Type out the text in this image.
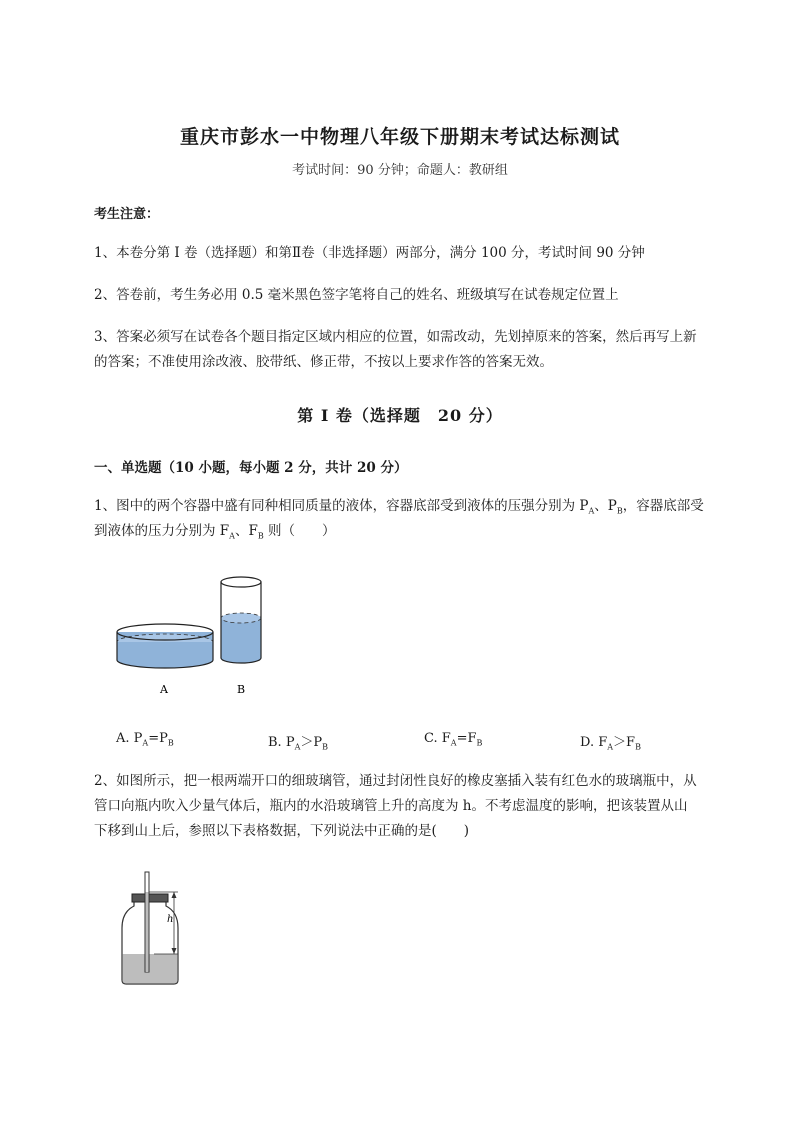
重庆市彭水一中物理八年级下册期末考试达标测试
考试时间：90 分钟；命题人：教研组
考生注意：
1、本卷分第 I 卷（选择题）和第Ⅱ卷（非选择题）两部分，满分 100 分，考试时间 90 分钟
2、答卷前，考生务必用 0.5 毫米黑色签字笔将自己的姓名、班级填写在试卷规定位置上
3、答案必须写在试卷各个题目指定区域内相应的位置，如需改动，先划掉原来的答案，然后再写上新
的答案；不准使用涂改液、胶带纸、修正带，不按以上要求作答的答案无效。
第 I 卷（选择题　20 分）
一、单选题（10 小题，每小题 2 分，共计 20 分）
1、图中的两个容器中盛有同种相同质量的液体，容器底部受到液体的压强分别为 $P_A$、$P_B$，容器底部受
到液体的压力分别为 $F_A$、$F_B$ 则（　　）
A	B
A. $P_A=P_B$	B. $P_A>P_B$
C. $F_A=F_B$	D. $F_A>F_B$
2、如图所示，把一根两端开口的细玻璃管，通过封闭性良好的橡皮塞插入装有红色水的玻璃瓶中，从
管口向瓶内吹入少量气体后，瓶内的水沿玻璃管上升的高度为 h。不考虑温度的影响，把该装置从山
下移到山上后，参照以下表格数据，下列说法中正确的是(　　)
h
